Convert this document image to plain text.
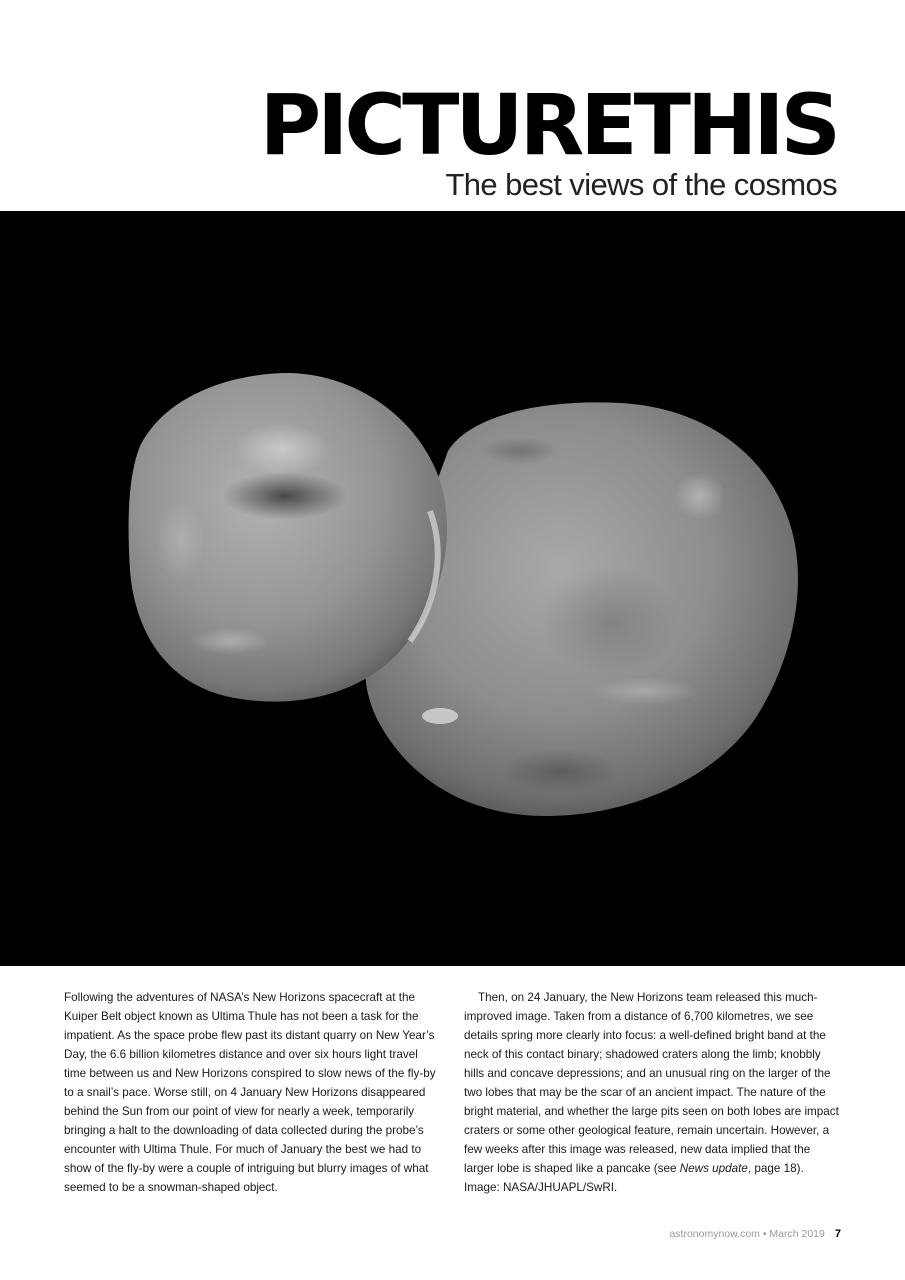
PICTURETHIS
The best views of the cosmos

Following the adventures of NASA’s New Horizons spacecraft at the Kuiper Belt object known as Ultima Thule has not been a task for the impatient. As the space probe flew past its distant quarry on New Year’s Day, the 6.6 billion kilometres distance and over six hours light travel time between us and New Horizons conspired to slow news of the fly-by to a snail’s pace. Worse still, on 4 January New Horizons disappeared behind the Sun from our point of view for nearly a week, temporarily bringing a halt to the downloading of data collected during the probe’s encounter with Ultima Thule. For much of January the best we had to show of the fly-by were a couple of intriguing but blurry images of what seemed to be a snowman-shaped object.

Then, on 24 January, the New Horizons team released this much-improved image. Taken from a distance of 6,700 kilometres, we see details spring more clearly into focus: a well-defined bright band at the neck of this contact binary; shadowed craters along the limb; knobbly hills and concave depressions; and an unusual ring on the larger of the two lobes that may be the scar of an ancient impact. The nature of the bright material, and whether the large pits seen on both lobes are impact craters or some other geological feature, remain uncertain. However, a few weeks after this image was released, new data implied that the larger lobe is shaped like a pancake (see News update, page 18). Image: NASA/JHUAPL/SwRI.

astronomynow.com • March 2019 7
